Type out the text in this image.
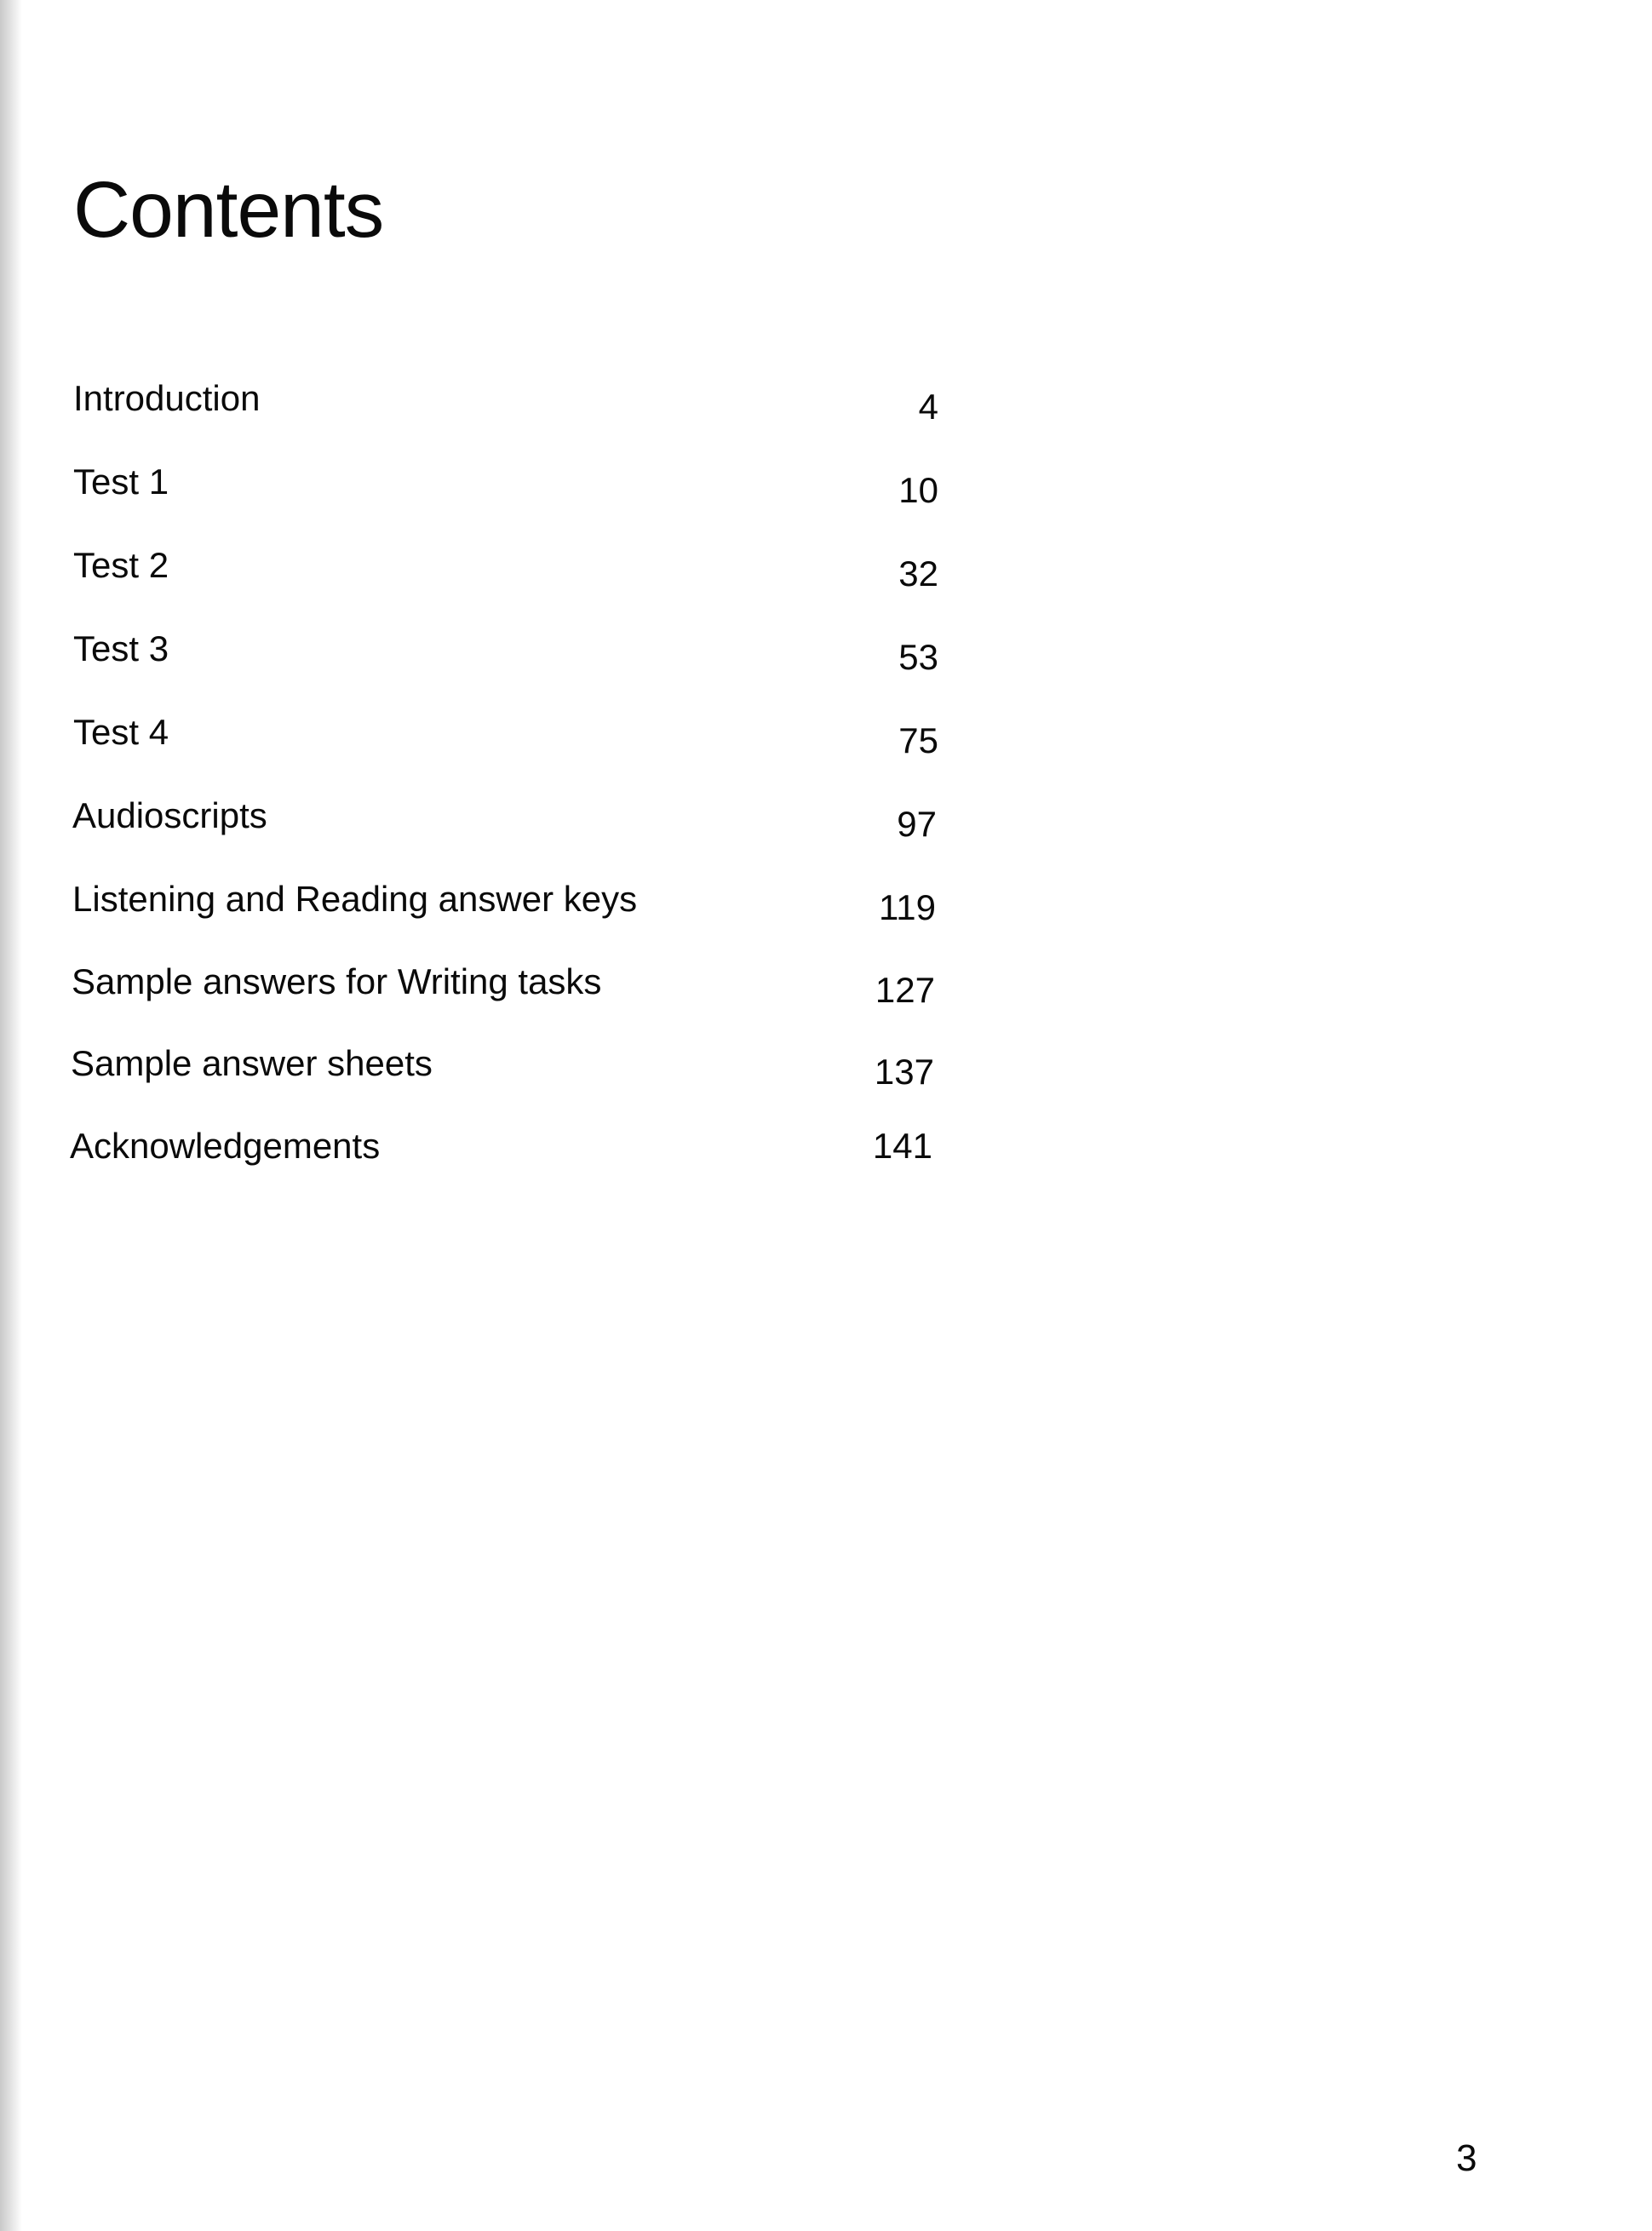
Contents
Introduction	4
Test 1	10
Test 2	32
Test 3	53
Test 4	75
Audioscripts	97
Listening and Reading answer keys	119
Sample answers for Writing tasks	127
Sample answer sheets	137
Acknowledgements	141
3
